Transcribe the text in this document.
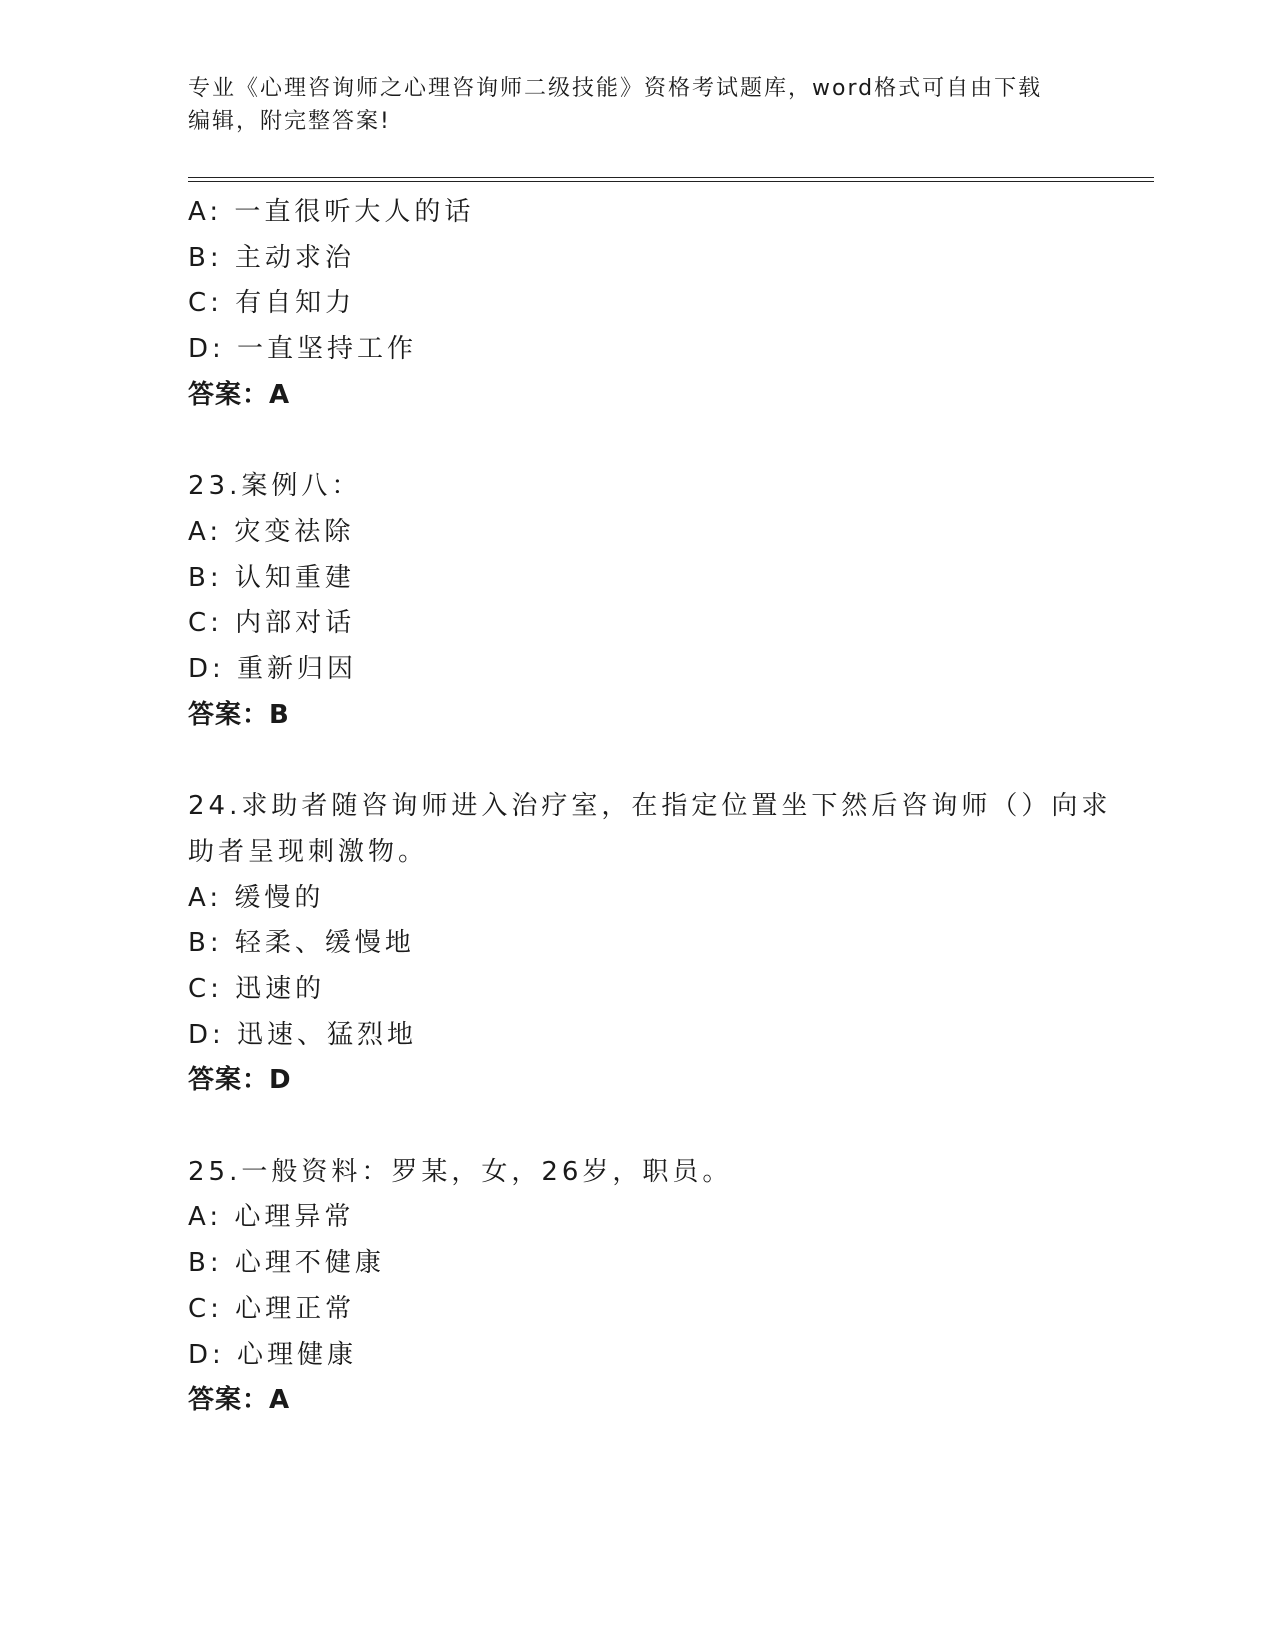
专业《心理咨询师之心理咨询师二级技能》资格考试题库，word格式可自由下载
编辑，附完整答案!
A: 一直很听大人的话
B: 主动求治
C: 有自知力
D: 一直坚持工作
答案：A
23.案例八：
A: 灾变祛除
B: 认知重建
C: 内部对话
D: 重新归因
答案：B
24.求助者随咨询师进入治疗室，在指定位置坐下然后咨询师（）向求
助者呈现刺激物。
A: 缓慢的
B: 轻柔、缓慢地
C: 迅速的
D: 迅速、猛烈地
答案：D
25.一般资料：罗某，女，26岁，职员。
A: 心理异常
B: 心理不健康
C: 心理正常
D: 心理健康
答案：A
